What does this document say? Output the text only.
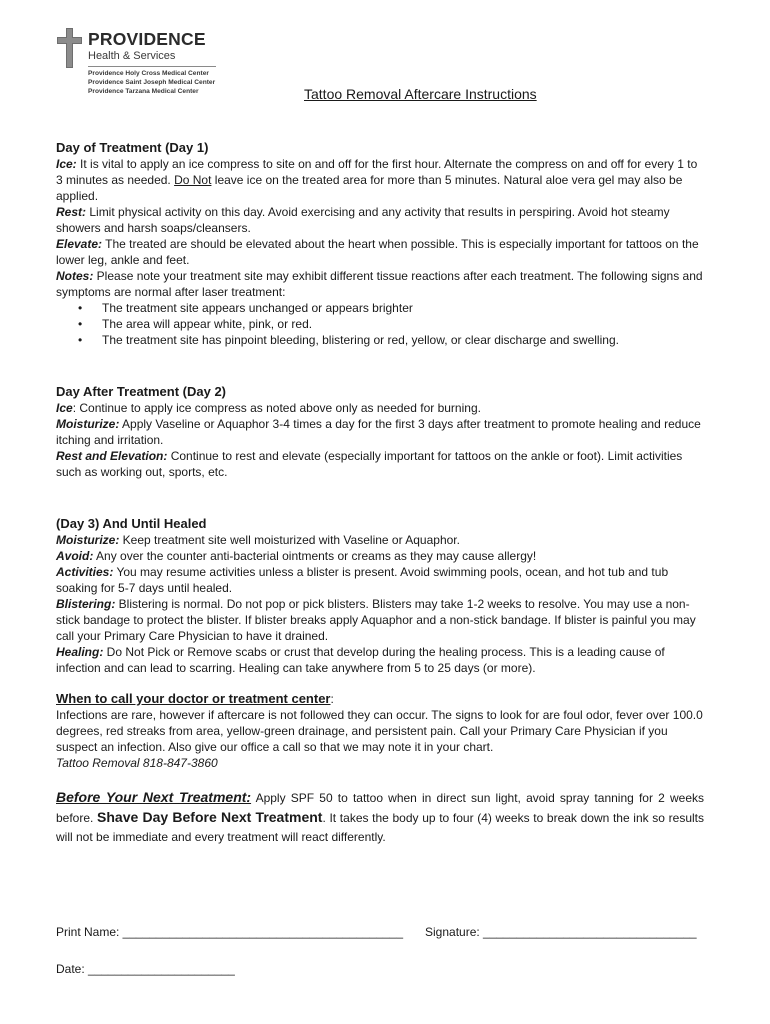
PROVIDENCE
Health & Services
Providence Holy Cross Medical Center
Providence Saint Joseph Medical Center
Providence Tarzana Medical Center	Tattoo Removal Aftercare Instructions

Day of Treatment (Day 1)

Ice: It is vital to apply an ice compress to site on and off for the first hour. Alternate the compress on and off for every 1 to 3 minutes as needed. Do Not leave ice on the treated area for more than 5 minutes. Natural aloe vera gel may also be applied.

Rest: Limit physical activity on this day. Avoid exercising and any activity that results in perspiring. Avoid hot steamy showers and harsh soaps/cleansers.

Elevate: The treated are should be elevated about the heart when possible. This is especially important for tattoos on the lower leg, ankle and feet.

Notes: Please note your treatment site may exhibit different tissue reactions after each treatment. The following signs and symptoms are normal after laser treatment:

• The treatment site appears unchanged or appears brighter
• The area will appear white, pink, or red.
• The treatment site has pinpoint bleeding, blistering or red, yellow, or clear discharge and swelling.

Day After Treatment (Day 2)

Ice: Continue to apply ice compress as noted above only as needed for burning.

Moisturize: Apply Vaseline or Aquaphor 3-4 times a day for the first 3 days after treatment to promote healing and reduce itching and irritation.

Rest and Elevation: Continue to rest and elevate (especially important for tattoos on the ankle or foot). Limit activities such as working out, sports, etc.

(Day 3) And Until Healed

Moisturize: Keep treatment site well moisturized with Vaseline or Aquaphor.

Avoid: Any over the counter anti-bacterial ointments or creams as they may cause allergy!

Activities: You may resume activities unless a blister is present. Avoid swimming pools, ocean, and hot tub and tub soaking for 5-7 days until healed.

Blistering: Blistering is normal. Do not pop or pick blisters. Blisters may take 1-2 weeks to resolve. You may use a non-stick bandage to protect the blister. If blister breaks apply Aquaphor and a non-stick bandage. If blister is painful you may call your Primary Care Physician to have it drained.

Healing: Do Not Pick or Remove scabs or crust that develop during the healing process. This is a leading cause of infection and can lead to scarring. Healing can take anywhere from 5 to 25 days (or more).

When to call your doctor or treatment center:

Infections are rare, however if aftercare is not followed they can occur. The signs to look for are foul odor, fever over 100.0 degrees, red streaks from area, yellow-green drainage, and persistent pain. Call your Primary Care Physician if you suspect an infection. Also give our office a call so that we may note it in your chart.

Tattoo Removal 818-847-3860

Before Your Next Treatment: Apply SPF 50 to tattoo when in direct sun light, avoid spray tanning for 2 weeks before. Shave Day Before Next Treatment. It takes the body up to four (4) weeks to break down the ink so results will not be immediate and every treatment will react differently.

Print Name: __________________________________________ Signature: ________________________________
Date: ______________________
